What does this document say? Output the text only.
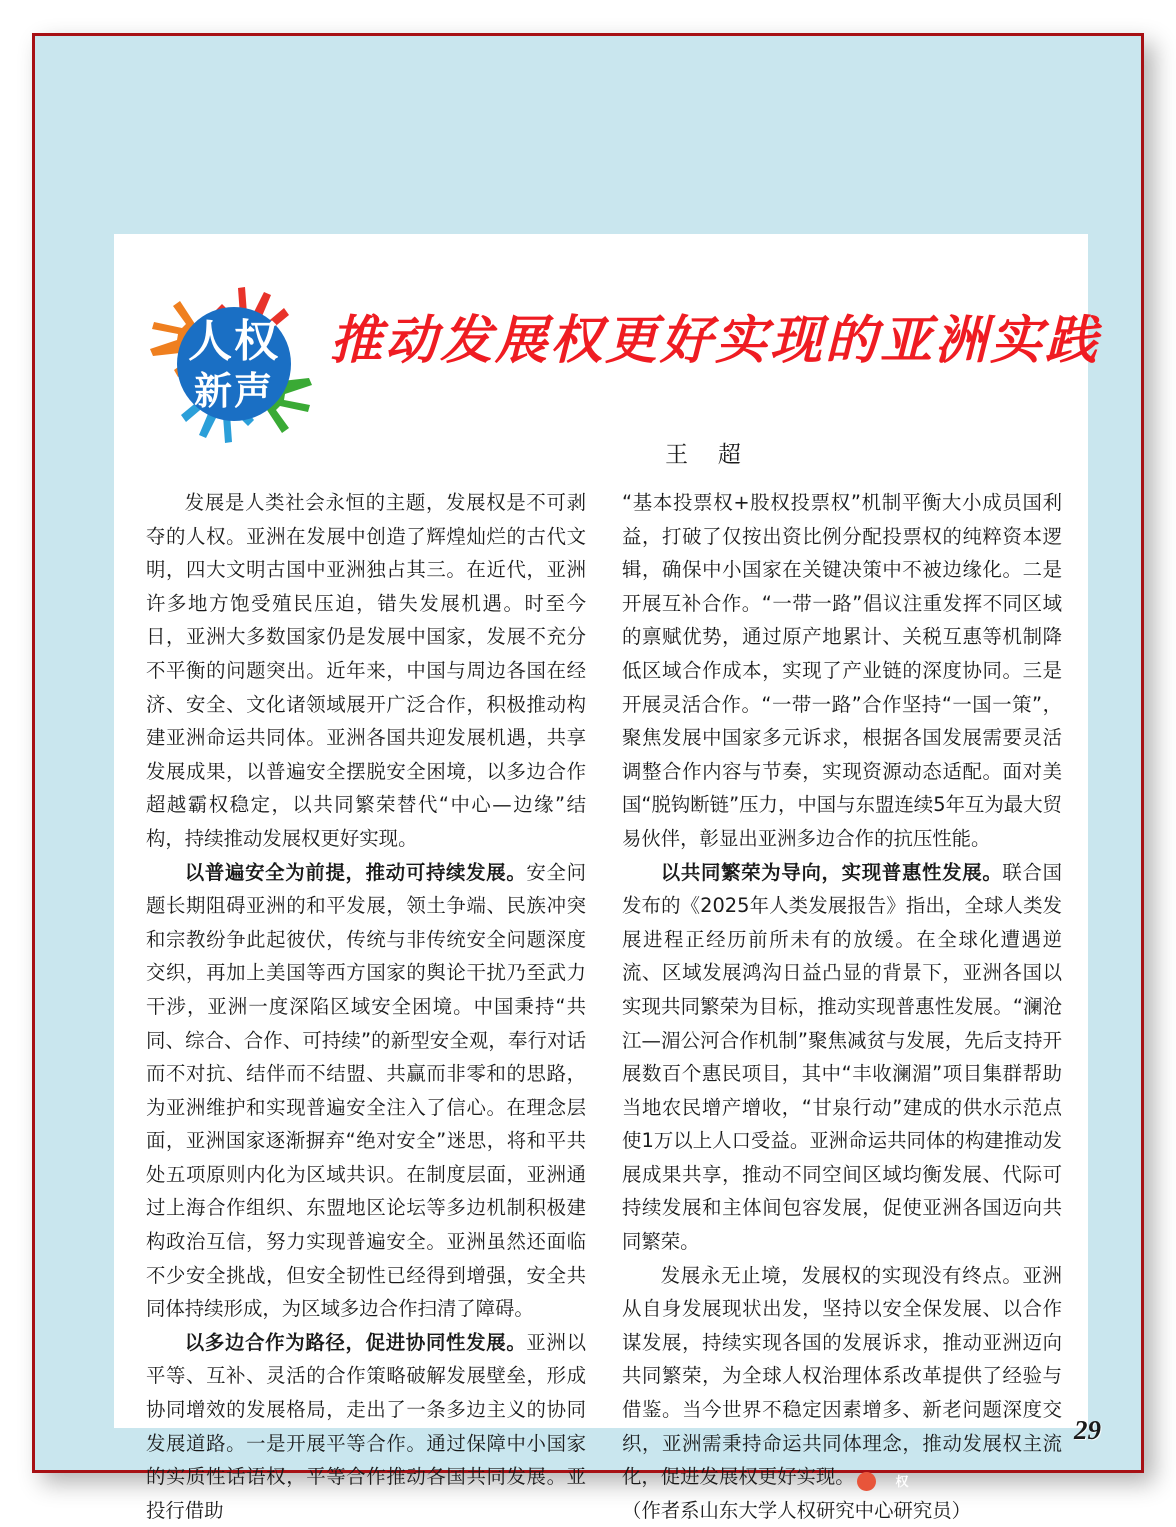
人权
新声
推动发展权更好实现的亚洲实践
王 超

发展是人类社会永恒的主题，发展权是不可剥夺的人权。亚洲在发展中创造了辉煌灿烂的古代文明，四大文明古国中亚洲独占其三。在近代，亚洲许多地方饱受殖民压迫，错失发展机遇。时至今日，亚洲大多数国家仍是发展中国家，发展不充分不平衡的问题突出。近年来，中国与周边各国在经济、安全、文化诸领域展开广泛合作，积极推动构建亚洲命运共同体。亚洲各国共迎发展机遇，共享发展成果，以普遍安全摆脱安全困境，以多边合作超越霸权稳定，以共同繁荣替代“中心—边缘”结构，持续推动发展权更好实现。

以普遍安全为前提，推动可持续发展。安全问题长期阻碍亚洲的和平发展，领土争端、民族冲突和宗教纷争此起彼伏，传统与非传统安全问题深度交织，再加上美国等西方国家的舆论干扰乃至武力干涉，亚洲一度深陷区域安全困境。中国秉持“共同、综合、合作、可持续”的新型安全观，奉行对话而不对抗、结伴而不结盟、共赢而非零和的思路，为亚洲维护和实现普遍安全注入了信心。在理念层面，亚洲国家逐渐摒弃“绝对安全”迷思，将和平共处五项原则内化为区域共识。在制度层面，亚洲通过上海合作组织、东盟地区论坛等多边机制积极建构政治互信，努力实现普遍安全。亚洲虽然还面临不少安全挑战，但安全韧性已经得到增强，安全共同体持续形成，为区域多边合作扫清了障碍。

以多边合作为路径，促进协同性发展。亚洲以平等、互补、灵活的合作策略破解发展壁垒，形成协同增效的发展格局，走出了一条多边主义的协同发展道路。一是开展平等合作。通过保障中小国家的实质性话语权，平等合作推动各国共同发展。亚投行借助

“基本投票权+股权投票权”机制平衡大小成员国利益，打破了仅按出资比例分配投票权的纯粹资本逻辑，确保中小国家在关键决策中不被边缘化。二是开展互补合作。“一带一路”倡议注重发挥不同区域的禀赋优势，通过原产地累计、关税互惠等机制降低区域合作成本，实现了产业链的深度协同。三是开展灵活合作。“一带一路”合作坚持“一国一策”，聚焦发展中国家多元诉求，根据各国发展需要灵活调整合作内容与节奏，实现资源动态适配。面对美国“脱钩断链”压力，中国与东盟连续5年互为最大贸易伙伴，彰显出亚洲多边合作的抗压性能。

以共同繁荣为导向，实现普惠性发展。联合国发布的《2025年人类发展报告》指出，全球人类发展进程正经历前所未有的放缓。在全球化遭遇逆流、区域发展鸿沟日益凸显的背景下，亚洲各国以实现共同繁荣为目标，推动实现普惠性发展。“澜沧江—湄公河合作机制”聚焦减贫与发展，先后支持开展数百个惠民项目，其中“丰收澜湄”项目集群帮助当地农民增产增收，“甘泉行动”建成的供水示范点使1万以上人口受益。亚洲命运共同体的构建推动发展成果共享，推动不同空间区域均衡发展、代际可持续发展和主体间包容发展，促使亚洲各国迈向共同繁荣。

发展永无止境，发展权的实现没有终点。亚洲从自身发展现状出发，坚持以安全保发展、以合作谋发展，持续实现各国的发展诉求，推动亚洲迈向共同繁荣，为全球人权治理体系改革提供了经验与借鉴。当今世界不稳定因素增多、新老问题深度交织，亚洲需秉持命运共同体理念，推动发展权主流化，促进发展权更好实现。	权

（作者系山东大学人权研究中心研究员）

29
